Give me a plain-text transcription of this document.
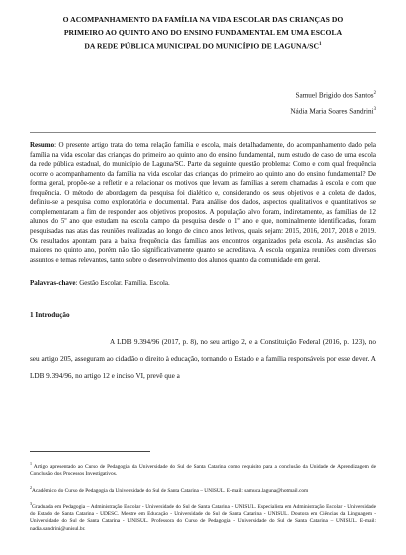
O ACOMPANHAMENTO DA FAMÍLIA NA VIDA ESCOLAR DAS CRIANÇAS DO
PRIMEIRO AO QUINTO ANO DO ENSINO FUNDAMENTAL EM UMA ESCOLA
DA REDE PÚBLICA MUNICIPAL DO MUNICÍPIO DE LAGUNA/$SC^1$
Samuel Brigido dos Santos$^2$
Nádia Maria Soares Sandrini$^3$
Resumo: O presente artigo trata do tema relação família e escola, mais detalhadamente, do acompanhamento dado pela família na vida escolar das crianças do primeiro ao quinto ano do ensino fundamental, num estudo de caso de uma escola da rede pública estadual, do município de Laguna/SC. Parte da seguinte questão problema: Como e com qual frequência ocorre o acompanhamento da família na vida escolar das crianças do primeiro ao quinto ano do ensino fundamental? De forma geral, propõe-se a refletir e a relacionar os motivos que levam as famílias a serem chamadas à escola e com que frequência. O método de abordagem da pesquisa foi dialético e, considerando os seus objetivos e a coleta de dados, definiu-se a pesquisa como exploratória e documental. Para análise dos dados, aspectos qualitativos e quantitativos se complementaram a fim de responder aos objetivos propostos. A população alvo foram, indiretamente, as famílias de 12 alunos do 5º ano que estudam na escola campo da pesquisa desde o 1º ano e que, nominalmente identificadas, foram pesquisadas nas atas das reuniões realizadas ao longo de cinco anos letivos, quais sejam: 2015, 2016, 2017, 2018 e 2019. Os resultados apontam para a baixa frequência das famílias aos encontros organizados pela escola. As ausências são maiores no quinto ano, porém não tão significativamente quanto se acreditava. A escola organiza reuniões com diversos assuntos e temas relevantes, tanto sobre o desenvolvimento dos alunos quanto da comunidade em geral.
Palavras-chave: Gestão Escolar. Família. Escola.
1 Introdução
A LDB 9.394/96 (2017, p. 8), no seu artigo 2, e a Constituição Federal (2016, p. 123), no seu artigo 205, asseguram ao cidadão o direito à educação, tornando o Estado e a família responsáveis por esse dever. A LDB 9.394/96, no artigo 12 e inciso VI, prevê que a
$^1$ Artigo apresentado ao Curso de Pedagogia da Universidade do Sul de Santa Catarina como requisito para a conclusão da Unidade de Aprendizagem de Conclusão dos Processos Investigativos.
$^2$Acadêmico do Curso de Pedagogia da Universidade do Sul de Santa Catarina – UNISUL. E-mail: samuca.laguna@hotmail.com
$^3$Graduada em Pedagogia – Administração Escolar - Universidade do Sul de Santa Catarina - UNISUL. Especialista em Administração Escolar - Universidade do Estado de Santa Catarina - UDESC. Mestre em Educação - Universidade do Sul de Santa Catarina - UNISUL. Doutora em Ciências da Linguagem - Universidade do Sul de Santa Catarina - UNISUL. Professora do Curso de Pedagogia - Universidade do Sul de Santa Catarina – UNISUL. E-mail: nadia.sandrini@unisul.br.
